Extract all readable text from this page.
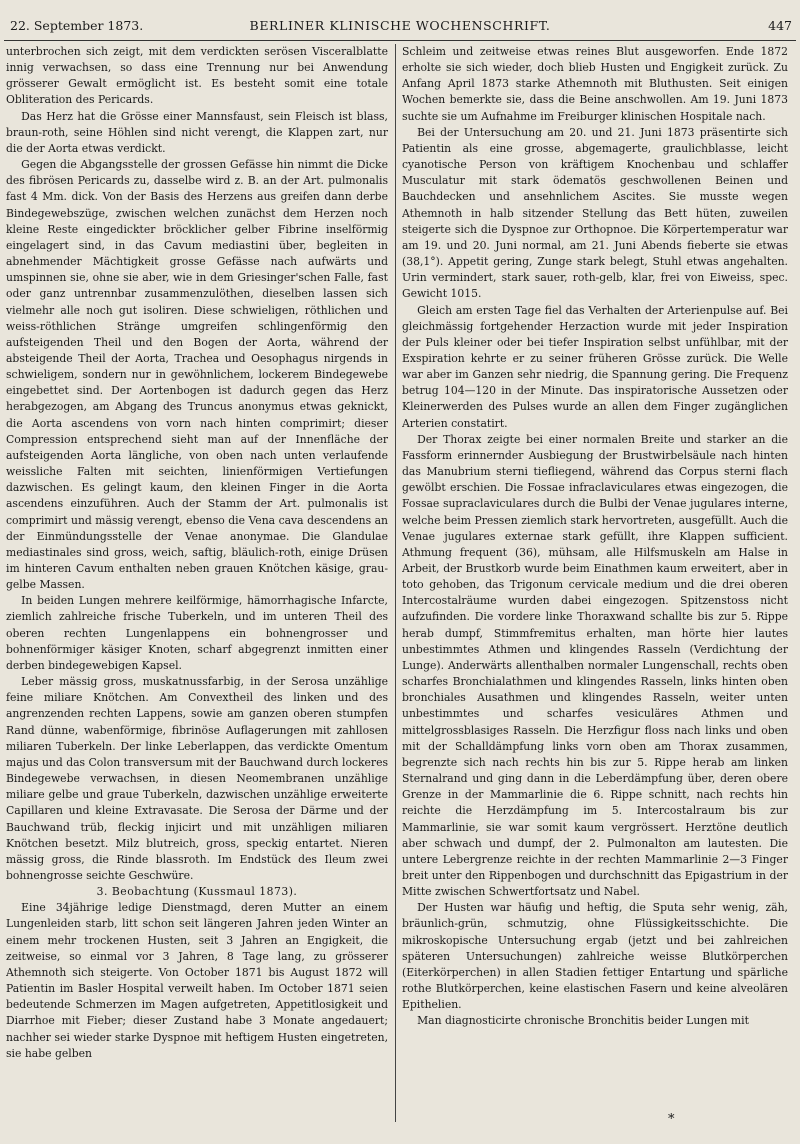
22. September 1873.	BERLINER KLINISCHE WOCHENSCHRIFT.	447

unterbrochen sich zeigt, mit dem verdickten serösen Visceralblatte innig verwachsen, so dass eine Trennung nur bei Anwendung grösserer Gewalt ermöglicht ist. Es besteht somit eine totale Obliteration des Pericards.

Das Herz hat die Grösse einer Mannsfaust, sein Fleisch ist blass, braun-roth, seine Höhlen sind nicht verengt, die Klappen zart, nur die der Aorta etwas verdickt.

Gegen die Abgangsstelle der grossen Gefässe hin nimmt die Dicke des fibrösen Pericards zu, dasselbe wird z. B. an der Art. pulmonalis fast 4 Mm. dick. Von der Basis des Herzens aus greifen dann derbe Bindegewebszüge, zwischen welchen zunächst dem Herzen noch kleine Reste eingedickter bröcklicher gelber Fibrine inselförmig eingelagert sind, in das Cavum mediastini über, begleiten in abnehmender Mächtigkeit grosse Gefässe nach aufwärts und umspinnen sie, ohne sie aber, wie in dem Griesinger'schen Falle, fast oder ganz untrennbar zusammenzulöthen, dieselben lassen sich vielmehr alle noch gut isoliren. Diese schwieligen, röthlichen und weiss-röthlichen Stränge umgreifen schlingenförmig den aufsteigenden Theil und den Bogen der Aorta, während der absteigende Theil der Aorta, Trachea und Oesophagus nirgends in schwieligem, sondern nur in gewöhnlichem, lockerem Bindegewebe eingebettet sind. Der Aortenbogen ist dadurch gegen das Herz herabgezogen, am Abgang des Truncus anonymus etwas geknickt, die Aorta ascendens von vorn nach hinten comprimirt; dieser Compression entsprechend sieht man auf der Innenfläche der aufsteigenden Aorta längliche, von oben nach unten verlaufende weissliche Falten mit seichten, linienförmigen Vertiefungen dazwischen. Es gelingt kaum, den kleinen Finger in die Aorta ascendens einzuführen. Auch der Stamm der Art. pulmonalis ist comprimirt und mässig verengt, ebenso die Vena cava descendens an der Einmündungsstelle der Venae anonymae. Die Glandulae mediastinales sind gross, weich, saftig, bläulich-roth, einige Drüsen im hinteren Cavum enthalten neben grauen Knötchen käsige, grau-gelbe Massen.

In beiden Lungen mehrere keilförmige, hämorrhagische Infarcte, ziemlich zahlreiche frische Tuberkeln, und im unteren Theil des oberen rechten Lungenlappens ein bohnengrosser und bohnenförmiger käsiger Knoten, scharf abgegrenzt inmitten einer derben bindegewebigen Kapsel.

Leber mässig gross, muskatnussfarbig, in der Serosa unzählige feine miliare Knötchen. Am Convextheil des linken und des angrenzenden rechten Lappens, sowie am ganzen oberen stumpfen Rand dünne, wabenförmige, fibrinöse Auflagerungen mit zahllosen miliaren Tuberkeln. Der linke Leberlappen, das verdickte Omentum majus und das Colon transversum mit der Bauchwand durch lockeres Bindegewebe verwachsen, in diesen Neomembranen unzählige miliare gelbe und graue Tuberkeln, dazwischen unzählige erweiterte Capillaren und kleine Extravasate. Die Serosa der Därme und der Bauchwand trüb, fleckig injicirt und mit unzähligen miliaren Knötchen besetzt. Milz blutreich, gross, speckig entartet. Nieren mässig gross, die Rinde blassroth. Im Endstück des Ileum zwei bohnengrosse seichte Geschwüre.

3. Beobachtung (Kussmaul 1873).

Eine 34jährige ledige Dienstmagd, deren Mutter an einem Lungenleiden starb, litt schon seit längeren Jahren jeden Winter an einem mehr trockenen Husten, seit 3 Jahren an Engigkeit, die zeitweise, so einmal vor 3 Jahren, 8 Tage lang, zu grösserer Athemnoth sich steigerte. Von October 1871 bis August 1872 will Patientin im Basler Hospital verweilt haben. Im October 1871 seien bedeutende Schmerzen im Magen aufgetreten, Appetitlosigkeit und Diarrhoe mit Fieber; dieser Zustand habe 3 Monate angedauert; nachher sei wieder starke Dyspnoe mit heftigem Husten eingetreten, sie habe gelben

Schleim und zeitweise etwas reines Blut ausgeworfen. Ende 1872 erholte sie sich wieder, doch blieb Husten und Engigkeit zurück. Zu Anfang April 1873 starke Athemnoth mit Bluthusten. Seit einigen Wochen bemerkte sie, dass die Beine anschwollen. Am 19. Juni 1873 suchte sie um Aufnahme im Freiburger klinischen Hospitale nach.

Bei der Untersuchung am 20. und 21. Juni 1873 präsentirte sich Patientin als eine grosse, abgemagerte, graulichblasse, leicht cyanotische Person von kräftigem Knochenbau und schlaffer Musculatur mit stark ödematös geschwollenen Beinen und Bauchdecken und ansehnlichem Ascites. Sie musste wegen Athemnoth in halb sitzender Stellung das Bett hüten, zuweilen steigerte sich die Dyspnoe zur Orthopnoe. Die Körpertemperatur war am 19. und 20. Juni normal, am 21. Juni Abends fieberte sie etwas (38,1°). Appetit gering, Zunge stark belegt, Stuhl etwas angehalten. Urin vermindert, stark sauer, roth-gelb, klar, frei von Eiweiss, spec. Gewicht 1015.

Gleich am ersten Tage fiel das Verhalten der Arterienpulse auf. Bei gleichmässig fortgehender Herzaction wurde mit jeder Inspiration der Puls kleiner oder bei tiefer Inspiration selbst unfühlbar, mit der Exspiration kehrte er zu seiner früheren Grösse zurück. Die Welle war aber im Ganzen sehr niedrig, die Spannung gering. Die Frequenz betrug 104—120 in der Minute. Das inspiratorische Aussetzen oder Kleinerwerden des Pulses wurde an allen dem Finger zugänglichen Arterien constatirt.

Der Thorax zeigte bei einer normalen Breite und starker an die Fassform erinnernder Ausbiegung der Brustwirbelsäule nach hinten das Manubrium sterni tiefliegend, während das Corpus sterni flach gewölbt erschien. Die Fossae infraclaviculares etwas eingezogen, die Fossae supraclaviculares durch die Bulbi der Venae jugulares interne, welche beim Pressen ziemlich stark hervortreten, ausgefüllt. Auch die Venae jugulares externae stark gefüllt, ihre Klappen sufficient. Athmung frequent (36), mühsam, alle Hilfsmuskeln am Halse in Arbeit, der Brustkorb wurde beim Einathmen kaum erweitert, aber in toto gehoben, das Trigonum cervicale medium und die drei oberen Intercostalräume wurden dabei eingezogen. Spitzenstoss nicht aufzufinden. Die vordere linke Thoraxwand schallte bis zur 5. Rippe herab dumpf, Stimmfremitus erhalten, man hörte hier lautes unbestimmtes Athmen und klingendes Rasseln (Verdichtung der Lunge). Anderwärts allenthalben normaler Lungenschall, rechts oben scharfes Bronchialathmen und klingendes Rasseln, links hinten oben bronchiales Ausathmen und klingendes Rasseln, weiter unten unbestimmtes und scharfes vesiculäres Athmen und mittelgrossblasiges Rasseln. Die Herzfigur floss nach links und oben mit der Schalldämpfung links vorn oben am Thorax zusammen, begrenzte sich nach rechts hin bis zur 5. Rippe herab am linken Sternalrand und ging dann in die Leberdämpfung über, deren obere Grenze in der Mammarlinie die 6. Rippe schnitt, nach rechts hin reichte die Herzdämpfung im 5. Intercostalraum bis zur Mammarlinie, sie war somit kaum vergrössert. Herztöne deutlich aber schwach und dumpf, der 2. Pulmonalton am lautesten. Die untere Lebergrenze reichte in der rechten Mammarlinie 2—3 Finger breit unter den Rippenbogen und durchschnitt das Epigastrium in der Mitte zwischen Schwertfortsatz und Nabel.

Der Husten war häufig und heftig, die Sputa sehr wenig, zäh, bräunlich-grün, schmutzig, ohne Flüssigkeitsschichte. Die mikroskopische Untersuchung ergab (jetzt und bei zahlreichen späteren Untersuchungen) zahlreiche weisse Blutkörperchen (Eiterkörperchen) in allen Stadien fettiger Entartung und spärliche rothe Blutkörperchen, keine elastischen Fasern und keine alveolären Epithelien.

Man diagnosticirte chronische Bronchitis beider Lungen mit

*
